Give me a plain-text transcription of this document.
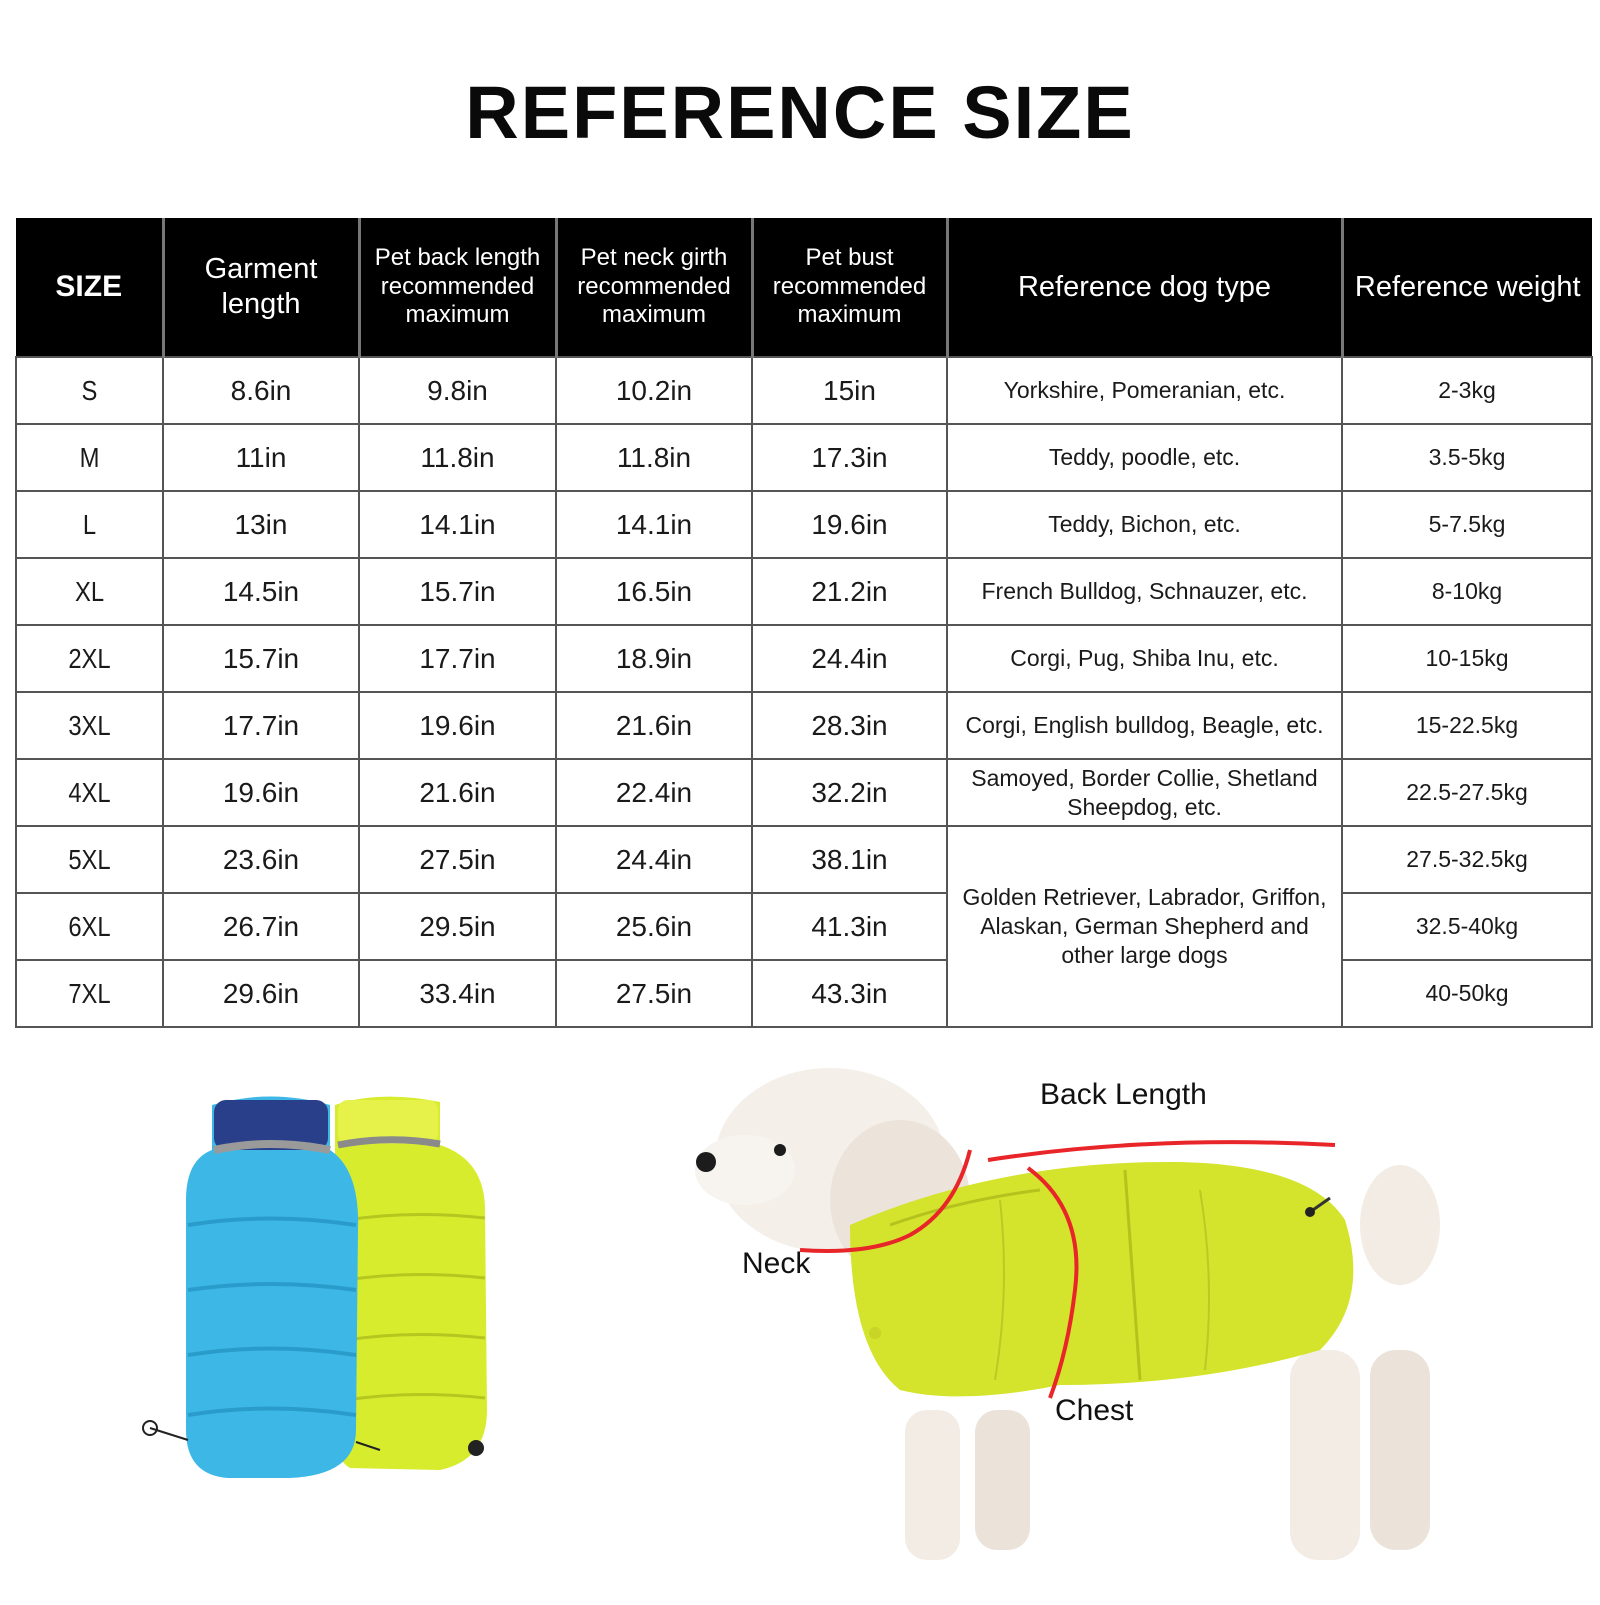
REFERENCE SIZE
SIZE	Garment length	Pet back length recommended maximum	Pet neck girth recommended maximum	Pet bust recommended maximum	Reference dog type	Reference weight
S	8.6in	9.8in	10.2in	15in	Yorkshire, Pomeranian, etc.	2-3kg
M	11in	11.8in	11.8in	17.3in	Teddy, poodle, etc.	3.5-5kg
L	13in	14.1in	14.1in	19.6in	Teddy, Bichon, etc.	5-7.5kg
XL	14.5in	15.7in	16.5in	21.2in	French Bulldog, Schnauzer, etc.	8-10kg
2XL	15.7in	17.7in	18.9in	24.4in	Corgi, Pug, Shiba Inu, etc.	10-15kg
3XL	17.7in	19.6in	21.6in	28.3in	Corgi, English bulldog, Beagle, etc.	15-22.5kg
4XL	19.6in	21.6in	22.4in	32.2in	Samoyed, Border Collie, Shetland Sheepdog, etc.	22.5-27.5kg
5XL	23.6in	27.5in	24.4in	38.1in	Golden Retriever, Labrador, Griffon, Alaskan, German Shepherd and other large dogs	27.5-32.5kg
6XL	26.7in	29.5in	25.6in	41.3in		32.5-40kg
7XL	29.6in	33.4in	27.5in	43.3in		40-50kg
Back Length
Neck
Chest
